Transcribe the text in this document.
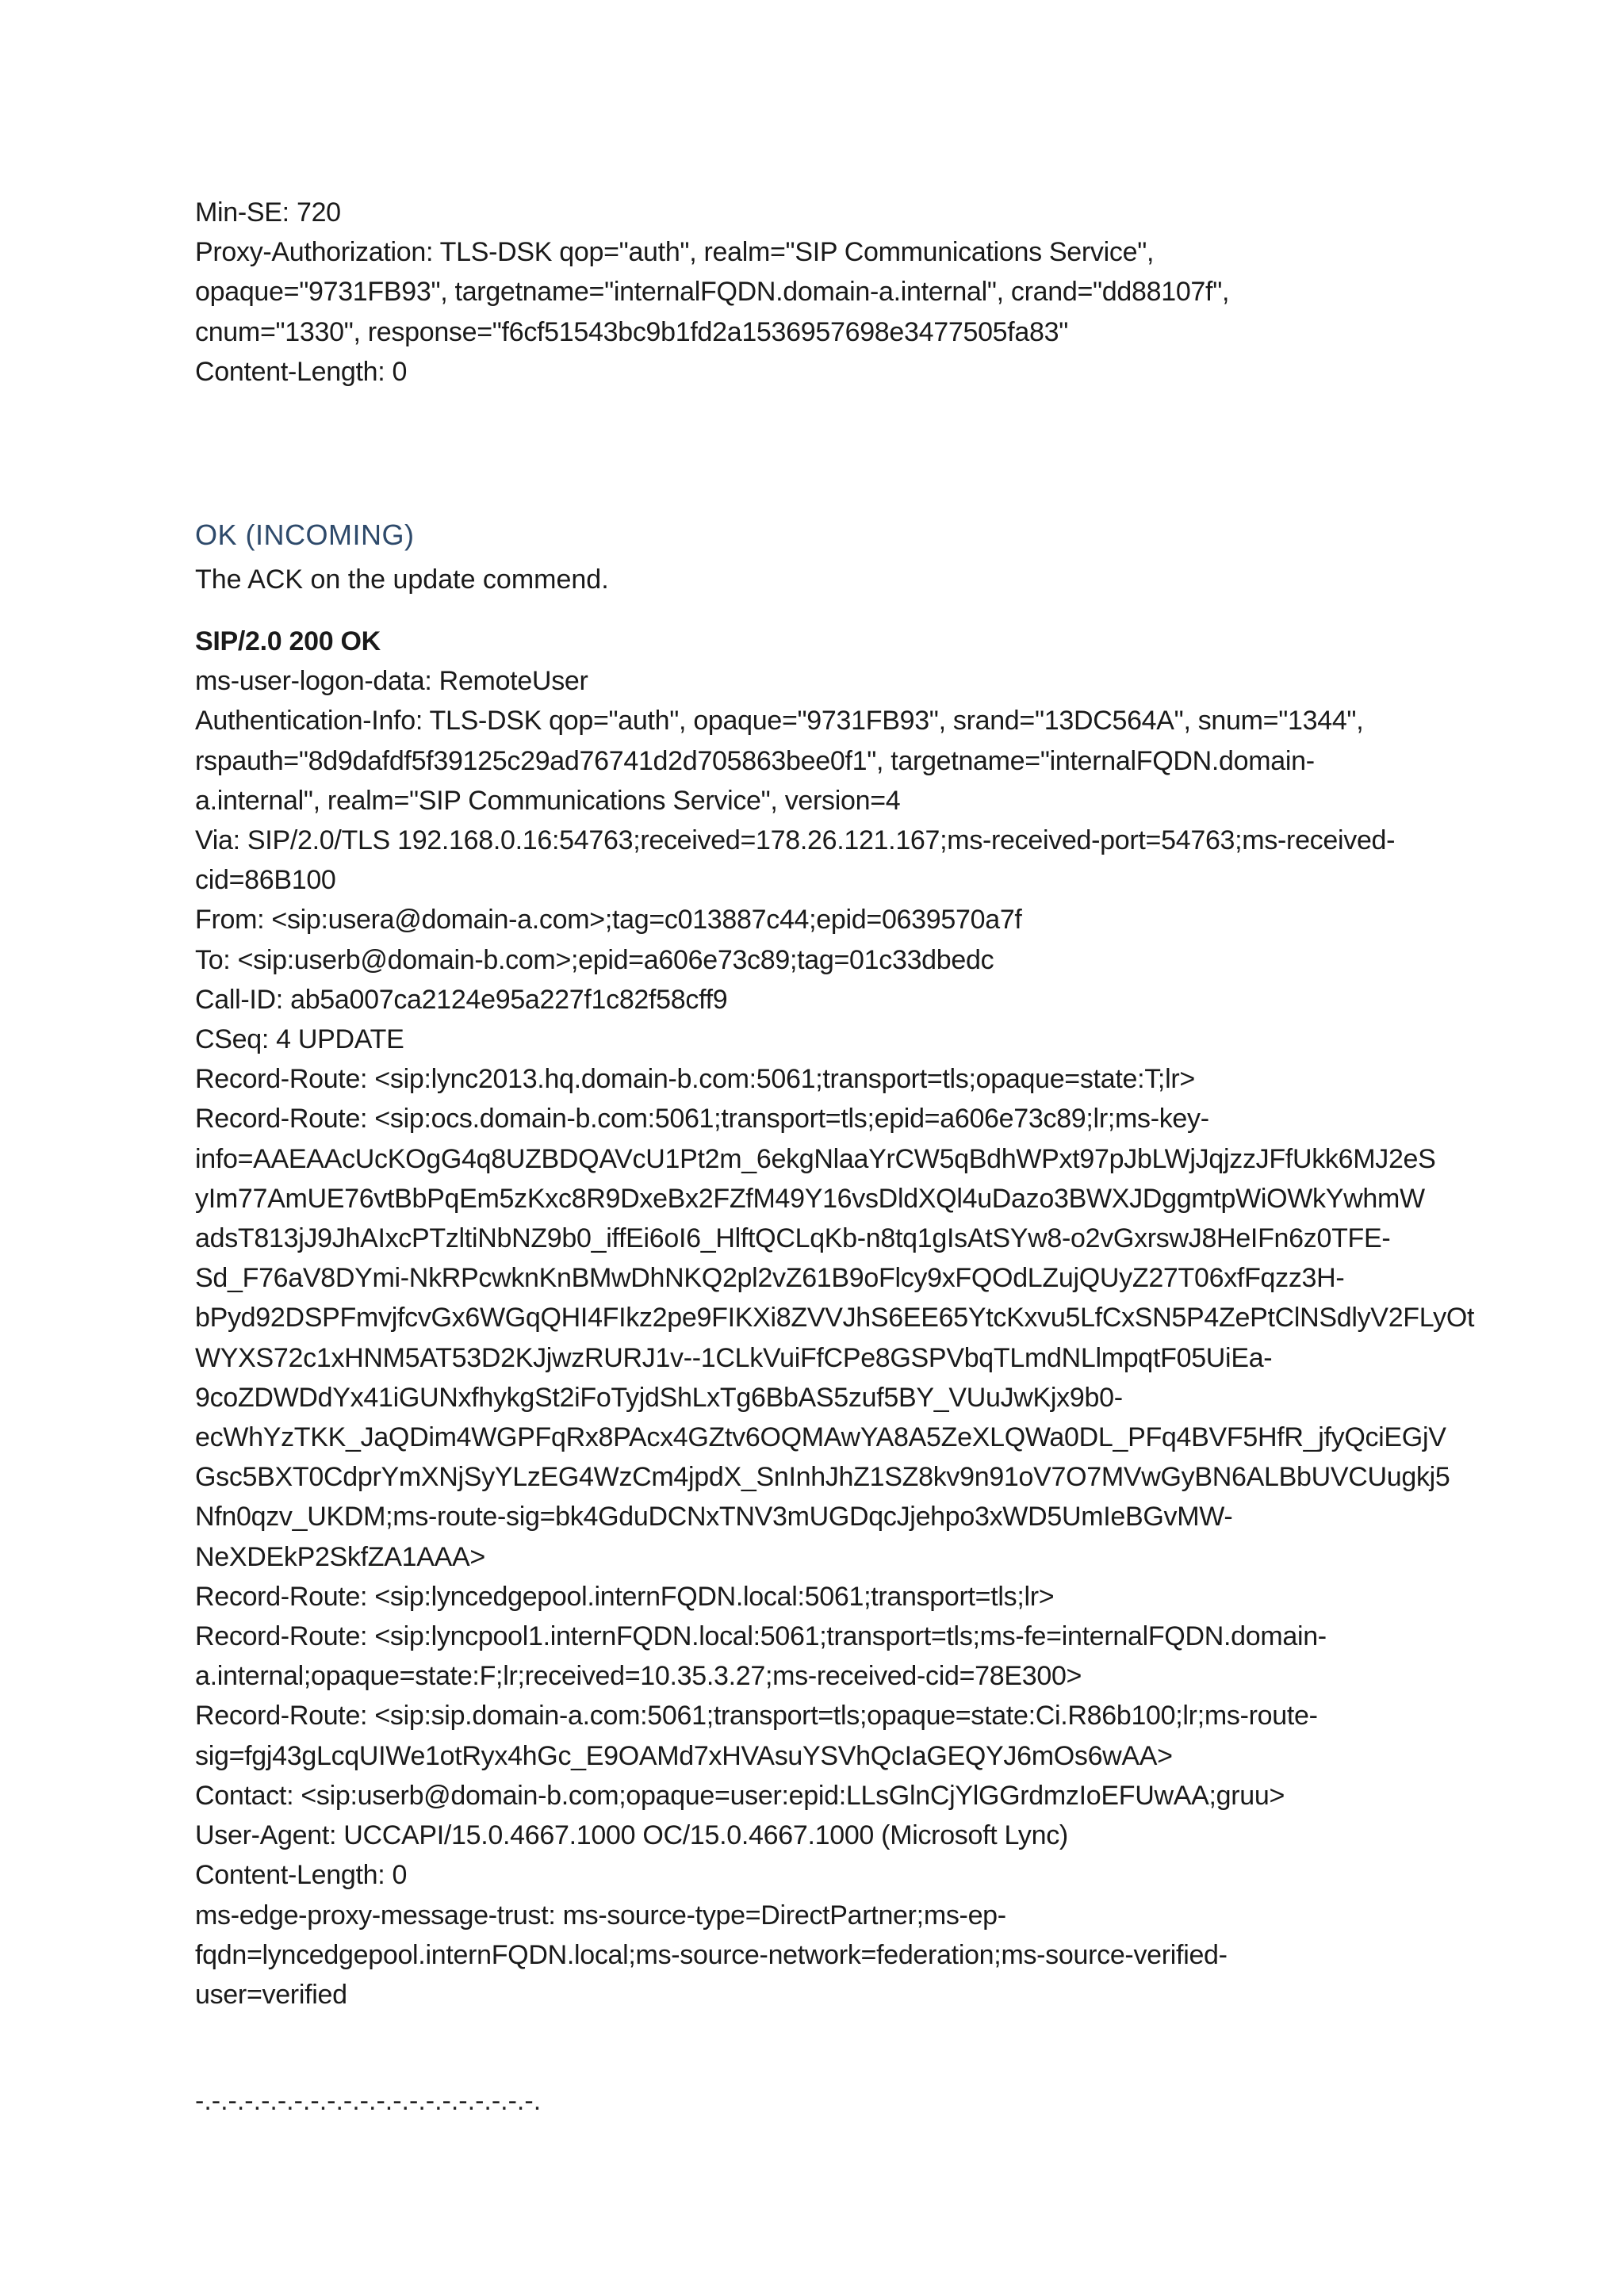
Min-SE: 720
Proxy-Authorization: TLS-DSK qop="auth", realm="SIP Communications Service",
opaque="9731FB93", targetname="internalFQDN.domain-a.internal", crand="dd88107f",
cnum="1330", response="f6cf51543bc9b1fd2a1536957698e3477505fa83"
Content-Length: 0
OK (INCOMING)
The ACK on the update commend.
SIP/2.0 200 OK
ms-user-logon-data: RemoteUser
Authentication-Info: TLS-DSK qop="auth", opaque="9731FB93", srand="13DC564A", snum="1344",
rspauth="8d9dafdf5f39125c29ad76741d2d705863bee0f1", targetname="internalFQDN.domain-
a.internal", realm="SIP Communications Service", version=4
Via: SIP/2.0/TLS 192.168.0.16:54763;received=178.26.121.167;ms-received-port=54763;ms-received-
cid=86B100
From: <sip:usera@domain-a.com>;tag=c013887c44;epid=0639570a7f
To: <sip:userb@domain-b.com>;epid=a606e73c89;tag=01c33dbedc
Call-ID: ab5a007ca2124e95a227f1c82f58cff9
CSeq: 4 UPDATE
Record-Route: <sip:lync2013.hq.domain-b.com:5061;transport=tls;opaque=state:T;lr>
Record-Route: <sip:ocs.domain-b.com:5061;transport=tls;epid=a606e73c89;lr;ms-key-
info=AAEAAcUcKOgG4q8UZBDQAVcU1Pt2m_6ekgNlaaYrCW5qBdhWPxt97pJbLWjJqjzzJFfUkk6MJ2eS
yIm77AmUE76vtBbPqEm5zKxc8R9DxeBx2FZfM49Y16vsDldXQl4uDazo3BWXJDggmtpWiOWkYwhmW
adsT813jJ9JhAIxcPTzltiNbNZ9b0_iffEi6oI6_HlftQCLqKb-n8tq1gIsAtSYw8-o2vGxrswJ8HeIFn6z0TFE-
Sd_F76aV8DYmi-NkRPcwknKnBMwDhNKQ2pl2vZ61B9oFlcy9xFQOdLZujQUyZ27T06xfFqzz3H-
bPyd92DSPFmvjfcvGx6WGqQHI4FIkz2pe9FIKXi8ZVVJhS6EE65YtcKxvu5LfCxSN5P4ZePtClNSdlyV2FLyOt
WYXS72c1xHNM5AT53D2KJjwzRURJ1v--1CLkVuiFfCPe8GSPVbqTLmdNLlmpqtF05UiEa-
9coZDWDdYx41iGUNxfhykgSt2iFoTyjdShLxTg6BbAS5zuf5BY_VUuJwKjx9b0-
ecWhYzTKK_JaQDim4WGPFqRx8PAcx4GZtv6OQMAwYA8A5ZeXLQWa0DL_PFq4BVF5HfR_jfyQciEGjV
Gsc5BXT0CdprYmXNjSyYLzEG4WzCm4jpdX_SnInhJhZ1SZ8kv9n91oV7O7MVwGyBN6ALBbUVCUugkj5
Nfn0qzv_UKDM;ms-route-sig=bk4GduDCNxTNV3mUGDqcJjehpo3xWD5UmIeBGvMW-
NeXDEkP2SkfZA1AAA>
Record-Route: <sip:lyncedgepool.internFQDN.local:5061;transport=tls;lr>
Record-Route: <sip:lyncpool1.internFQDN.local:5061;transport=tls;ms-fe=internalFQDN.domain-
a.internal;opaque=state:F;lr;received=10.35.3.27;ms-received-cid=78E300>
Record-Route: <sip:sip.domain-a.com:5061;transport=tls;opaque=state:Ci.R86b100;lr;ms-route-
sig=fgj43gLcqUIWe1otRyx4hGc_E9OAMd7xHVAsuYSVhQcIaGEQYJ6mOs6wAA>
Contact: <sip:userb@domain-b.com;opaque=user:epid:LLsGlnCjYlGGrdmzIoEFUwAA;gruu>
User-Agent: UCCAPI/15.0.4667.1000 OC/15.0.4667.1000 (Microsoft Lync)
Content-Length: 0
ms-edge-proxy-message-trust: ms-source-type=DirectPartner;ms-ep-
fqdn=lyncedgepool.internFQDN.local;ms-source-network=federation;ms-source-verified-
user=verified
-.-.-.-.-.-.-.-.-.-.-.-.-.-.-.-.-.-.-.-.-.
